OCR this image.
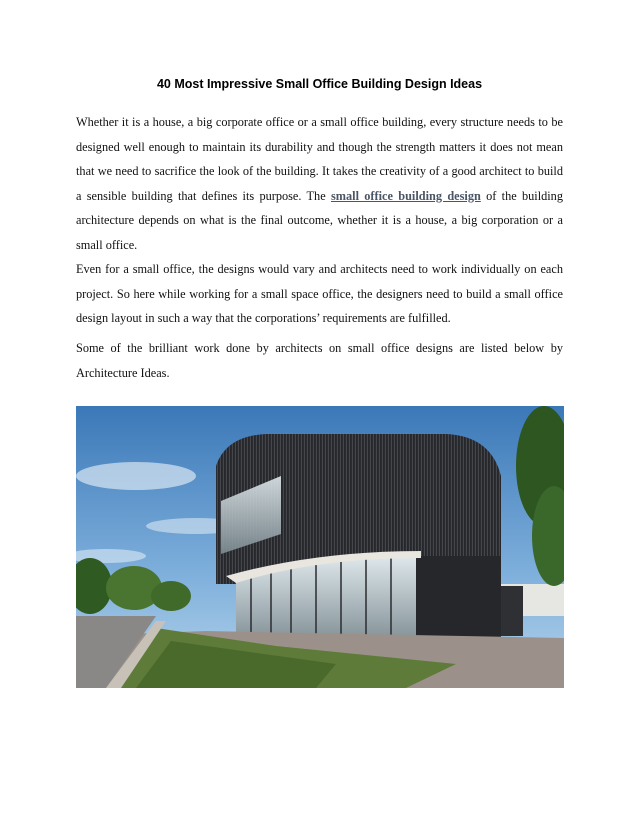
40 Most Impressive Small Office Building Design Ideas

Whether it is a house, a big corporate office or a small office building, every structure needs to be designed well enough to maintain its durability and though the strength matters it does not mean that we need to sacrifice the look of the building. It takes the creativity of a good architect to build a sensible building that defines its purpose. The small office building design of the building architecture depends on what is the final outcome, whether it is a house, a big corporation or a small office.

Even for a small office, the designs would vary and architects need to work individually on each project. So here while working for a small space office, the designers need to build a small office design layout in such a way that the corporations’ requirements are fulfilled.

Some of the brilliant work done by architects on small office designs are listed below by Architecture Ideas.
